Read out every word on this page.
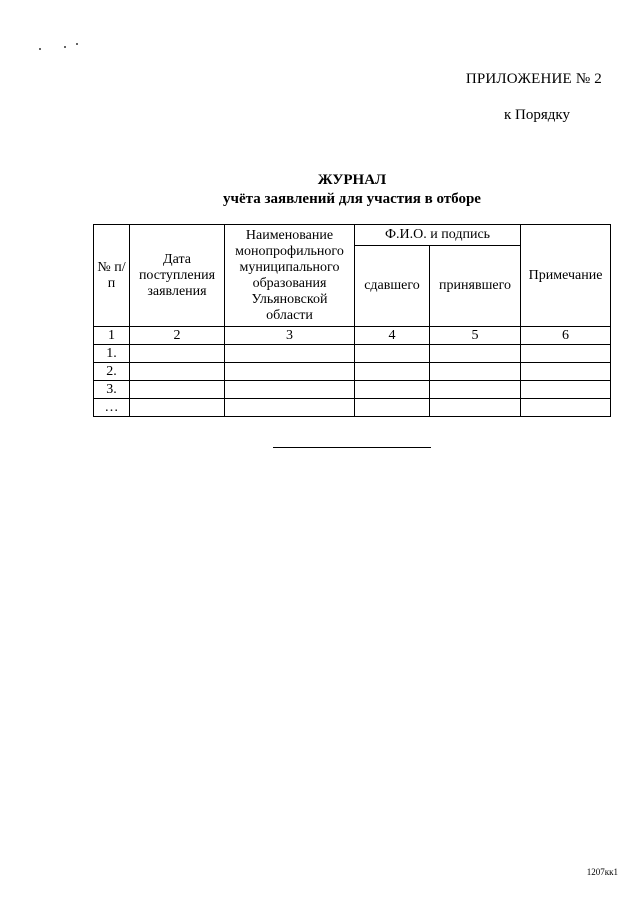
ПРИЛОЖЕНИЕ № 2
к Порядку
ЖУРНАЛ
учёта заявлений для участия в отборе
№ п/п	Дата поступления заявления	Наименование монопрофильного муниципального образования Ульяновской области	Ф.И.О. и подпись		Примечание
			сдавшего	принявшего	
1	2	3	4	5	6
1.					
2.					
3.					
…					
1207кк1
